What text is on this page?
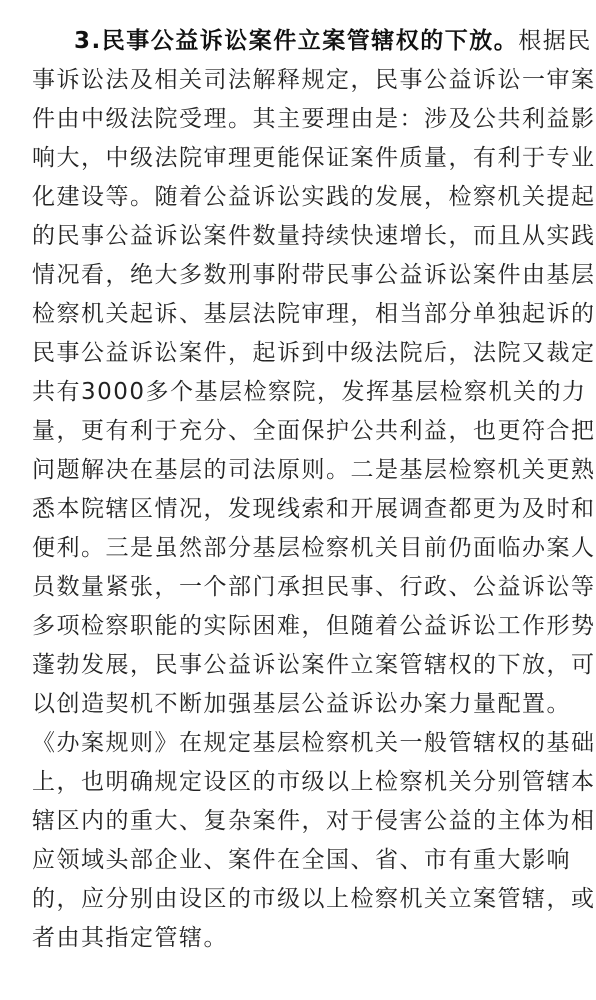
3.民事公益诉讼案件立案管辖权的下放。根据民
事诉讼法及相关司法解释规定，民事公益诉讼一审案
件由中级法院受理。其主要理由是：涉及公共利益影
响大，中级法院审理更能保证案件质量，有利于专业
化建设等。随着公益诉讼实践的发展，检察机关提起
的民事公益诉讼案件数量持续快速增长，而且从实践
情况看，绝大多数刑事附带民事公益诉讼案件由基层
检察机关起诉、基层法院审理，相当部分单独起诉的
民事公益诉讼案件，起诉到中级法院后，法院又裁定
共有3000多个基层检察院，发挥基层检察机关的力
量，更有利于充分、全面保护公共利益，也更符合把
问题解决在基层的司法原则。二是基层检察机关更熟
悉本院辖区情况，发现线索和开展调查都更为及时和
便利。三是虽然部分基层检察机关目前仍面临办案人
员数量紧张，一个部门承担民事、行政、公益诉讼等
多项检察职能的实际困难，但随着公益诉讼工作形势
蓬勃发展，民事公益诉讼案件立案管辖权的下放，可
以创造契机不断加强基层公益诉讼办案力量配置。
《办案规则》在规定基层检察机关一般管辖权的基础
上，也明确规定设区的市级以上检察机关分别管辖本
辖区内的重大、复杂案件，对于侵害公益的主体为相
应领域头部企业、案件在全国、省、市有重大影响
的，应分别由设区的市级以上检察机关立案管辖，或
者由其指定管辖。
